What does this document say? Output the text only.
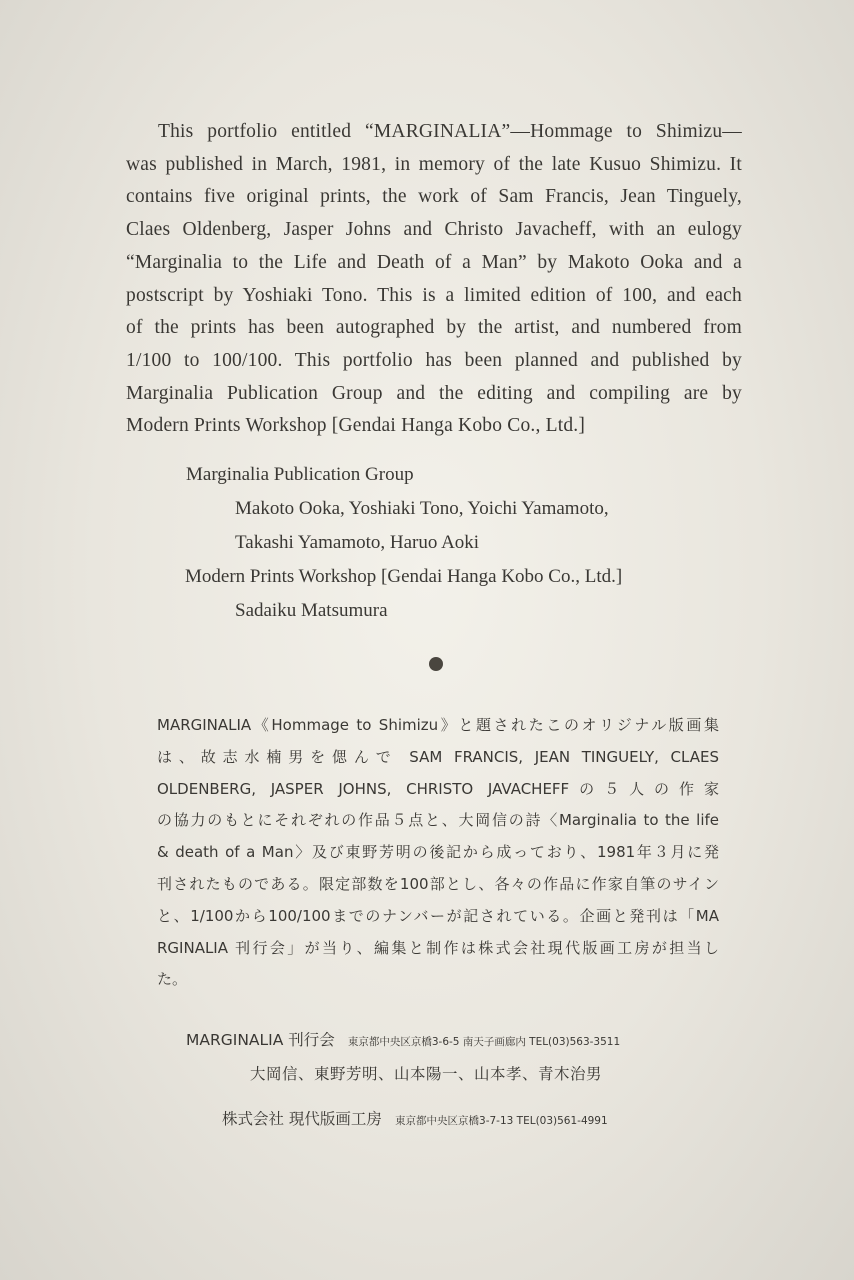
This portfolio entitled “MARGINALIA”—Hommage to Shimizu—
was published in March, 1981, in memory of the late Kusuo Shimizu. It
contains five original prints, the work of Sam Francis, Jean Tinguely,
Claes Oldenberg, Jasper Johns and Christo Javacheff, with an eulogy
“Marginalia to the Life and Death of a Man” by Makoto Ooka and a
postscript by Yoshiaki Tono. This is a limited edition of 100, and each
of the prints has been autographed by the artist, and numbered from
1/100 to 100/100. This portfolio has been planned and published by
Marginalia Publication Group and the editing and compiling are by
Modern Prints Workshop [Gendai Hanga Kobo Co., Ltd.]
Marginalia Publication Group
Makoto Ooka, Yoshiaki Tono, Yoichi Yamamoto,
Takashi Yamamoto, Haruo Aoki
Modern Prints Workshop [Gendai Hanga Kobo Co., Ltd.]
Sadaiku Matsumura
MARGINALIA《Hommage to Shimizu》と題されたこのオリジナル版画集
は、故志水楠男を偲んで SAM FRANCIS, JEAN TINGUELY, CLAES
OLDENBERG, JASPER JOHNS, CHRISTO JAVACHEFFの５人の作家
の協力のもとにそれぞれの作品５点と、大岡信の詩〈Marginalia to the life
& death of a Man〉及び東野芳明の後記から成っており、1981年３月に発
刊されたものである。限定部数を100部とし、各々の作品に作家自筆のサイン
と、1/100から100/100までのナンバーが記されている。企画と発刊は「MA
RGINALIA 刊行会」が当り、編集と制作は株式会社現代版画工房が担当し
た。
MARGINALIA 刊行会 東京都中央区京橋3-6-5 南天子画廊内 TEL(03)563-3511
大岡信、東野芳明、山本陽一、山本孝、青木治男
株式会社 現代版画工房 東京都中央区京橋3-7-13 TEL(03)561-4991
